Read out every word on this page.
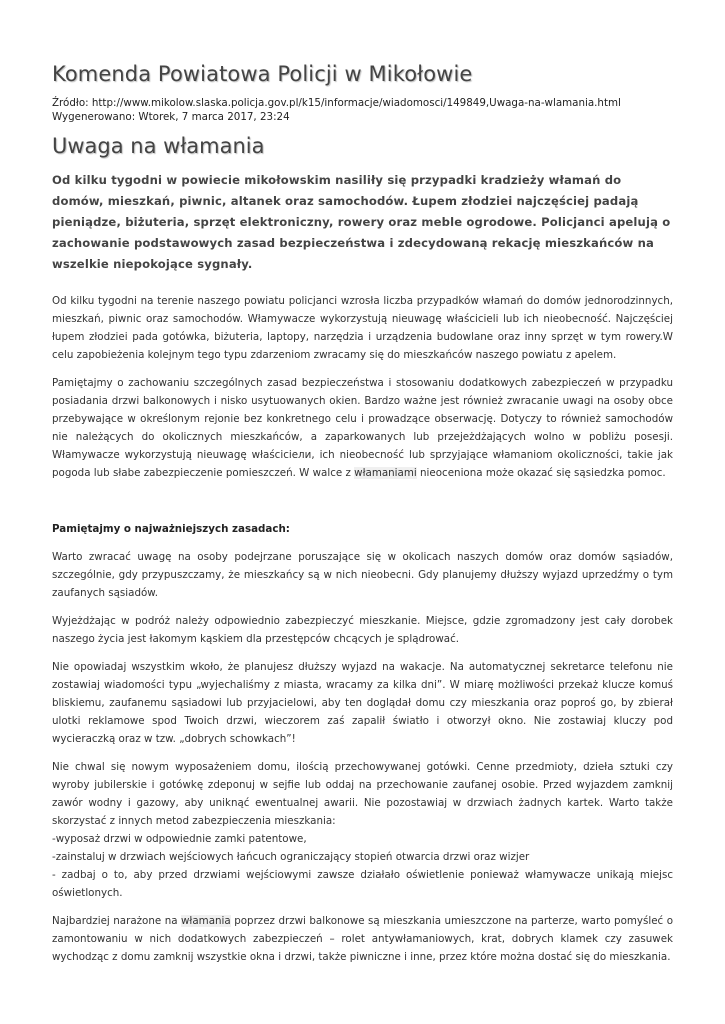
Komenda Powiatowa Policji w Mikołowie
Źródło: http://www.mikolow.slaska.policja.gov.pl/k15/informacje/wiadomosci/149849,Uwaga-na-wlamania.html
Wygenerowano: Wtorek, 7 marca 2017, 23:24
Uwaga na włamania

Od kilku tygodni w powiecie mikołowskim nasiliły się przypadki kradzieży włamań do domów, mieszkań, piwnic, altanek oraz samochodów. Łupem złodziei najczęściej padają pieniądze, biżuteria, sprzęt elektroniczny, rowery oraz meble ogrodowe. Policjanci apelują o zachowanie podstawowych zasad bezpieczeństwa i zdecydowaną rekację mieszkańców na wszelkie niepokojące sygnały.

Od kilku tygodni na terenie naszego powiatu policjanci wzrosła liczba przypadków włamań do domów jednorodzinnych, mieszkań, piwnic oraz samochodów. Włamywacze wykorzystują nieuwagę właścicieli lub ich nieobecność. Najczęściej łupem złodziei pada gotówka, biżuteria, laptopy, narzędzia i urządzenia budowlane oraz inny sprzęt w tym rowery.W celu zapobieżenia kolejnym tego typu zdarzeniom zwracamy się do mieszkańców naszego powiatu z apelem.

Pamiętajmy o zachowaniu szczególnych zasad bezpieczeństwa i stosowaniu dodatkowych zabezpieczeń w przypadku posiadania drzwi balkonowych i nisko usytuowanych okien. Bardzo ważne jest również zwracanie uwagi na osoby obce przebywające w określonym rejonie bez konkretnego celu i prowadzące obserwację. Dotyczy to również samochodów nie należących do okolicznych mieszkańców, a zaparkowanych lub przejeżdżających wolno w pobliżu posesji. Włamywacze wykorzystują nieuwagę właściciели, ich nieobecność lub sprzyjające włamaniom okoliczności, takie jak pogoda lub słabe zabezpieczenie pomieszczeń. W walce z włamaniami nieoceniona może okazać się sąsiedzka pomoc.

Pamiętajmy o najważniejszych zasadach:

Warto zwracać uwagę na osoby podejrzane poruszające się w okolicach naszych domów oraz domów sąsiadów, szczególnie, gdy przypuszczamy, że mieszkańcy są w nich nieobecni. Gdy planujemy dłuższy wyjazd uprzedźmy o tym zaufanych sąsiadów.

Wyjeżdżając w podróż należy odpowiednio zabezpieczyć mieszkanie. Miejsce, gdzie zgromadzony jest cały dorobek naszego życia jest łakomym kąskiem dla przestępców chcących je splądrować.

Nie opowiadaj wszystkim wkoło, że planujesz dłuższy wyjazd na wakacje. Na automatycznej sekretarce telefonu nie zostawiaj wiadomości typu „wyjechaliśmy z miasta, wracamy za kilka dni”. W miarę możliwości przekaż klucze komuś bliskiemu, zaufanemu sąsiadowi lub przyjacielowi, aby ten doglądał domu czy mieszkania oraz poproś go, by zbierał ulotki reklamowe spod Twoich drzwi, wieczorem zaś zapalił światło i otworzył okno. Nie zostawiaj kluczy pod wycieraczką oraz w tzw. „dobrych schowkach”!

Nie chwal się nowym wyposażeniem domu, ilością przechowywanej gotówki. Cenne przedmioty, dzieła sztuki czy wyroby jubilerskie i gotówkę zdeponuj w sejfie lub oddaj na przechowanie zaufanej osobie. Przed wyjazdem zamknij zawór wodny i gazowy, aby uniknąć ewentualnej awarii. Nie pozostawiaj w drzwiach żadnych kartek. Warto także skorzystać z innych metod zabezpieczenia mieszkania:
-wyposaż drzwi w odpowiednie zamki patentowe,
-zainstaluj w drzwiach wejściowych łańcuch ograniczający stopień otwarcia drzwi oraz wizjer
- zadbaj o to, aby przed drzwiami wejściowymi zawsze działało oświetlenie ponieważ włamywacze unikają miejsc oświetlonych.

Najbardziej narażone na włamania poprzez drzwi balkonowe są mieszkania umieszczone na parterze, warto pomyśleć o zamontowaniu w nich dodatkowych zabezpieczeń – rolet antywłamaniowych, krat, dobrych klamek czy zasuwek wychodząc z domu zamknij wszystkie okna i drzwi, także piwniczne i inne, przez które można dostać się do mieszkania.
